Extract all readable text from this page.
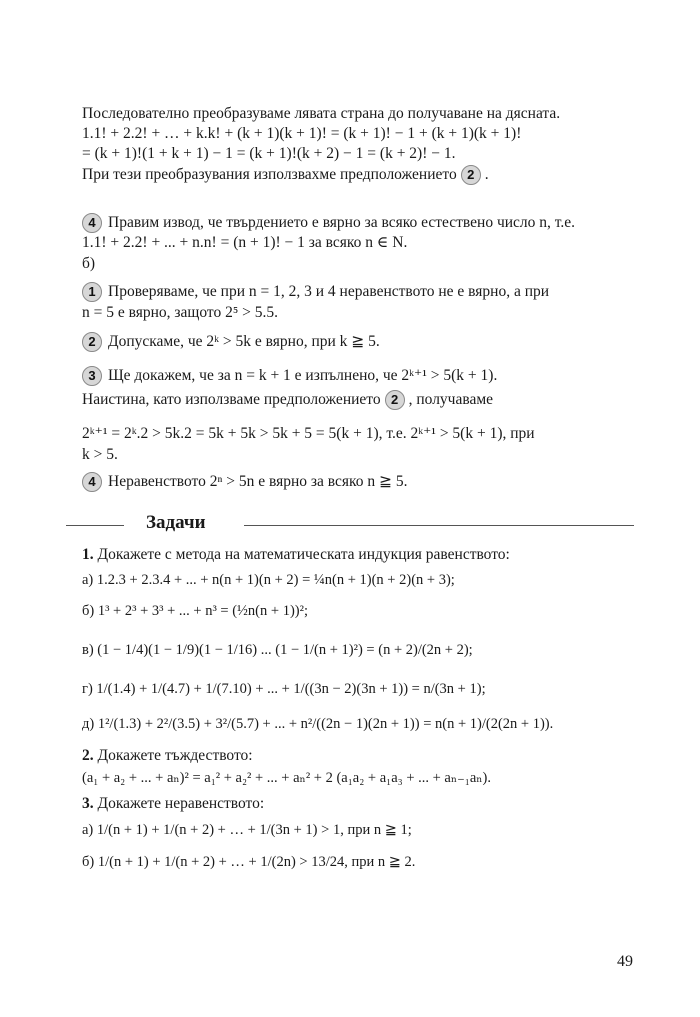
Последователно преобразуваме лявата страна до получаване на дясната.
1.1! + 2.2! + … + k.k! + (k + 1)(k + 1)! = (k + 1)! − 1 + (k + 1)(k + 1)!
= (k + 1)!(1 + k + 1) − 1 = (k + 1)!(k + 2) − 1 = (k + 2)! − 1.
При тези преобразувания използвахме предположението 2 .
4 Правим извод, че твърдението е вярно за всяко естествено число n, т.е.
1.1! + 2.2! + ... + n.n! = (n + 1)! − 1 за всяко n ∈ N.
б)
1 Проверяваме, че при n = 1, 2, 3 и 4 неравенството не е вярно, а при
n = 5 е вярно, защото 2⁵ > 5.5.
2 Допускаме, че 2ᵏ > 5k е вярно, при k ≧ 5.
3 Ще докажем, че за n = k + 1 е изпълнено, че 2ᵏ⁺¹ > 5(k + 1).
Наистина, като използваме предположението 2 , получаваме
2ᵏ⁺¹ = 2ᵏ.2 > 5k.2 = 5k + 5k > 5k + 5 = 5(k + 1), т.е. 2ᵏ⁺¹ > 5(k + 1), при
k > 5.
4 Неравенството 2ⁿ > 5n е вярно за всяко n ≧ 5.
Задачи
1. Докажете с метода на математическата индукция равенството:
а) 1.2.3 + 2.3.4 + ... + n(n + 1)(n + 2) = ¼n(n + 1)(n + 2)(n + 3);
б) 1³ + 2³ + 3³ + ... + n³ = (½n(n + 1))²;
в) (1 − 1/4)(1 − 1/9)(1 − 1/16) ... (1 − 1/(n + 1)²) = (n + 2)/(2n + 2);
г) 1/(1.4) + 1/(4.7) + 1/(7.10) + ... + 1/((3n − 2)(3n + 1)) = n/(3n + 1);
д) 1²/(1.3) + 2²/(3.5) + 3²/(5.7) + ... + n²/((2n − 1)(2n + 1)) = n(n + 1)/(2(2n + 1)).
2. Докажете тъждеството:
(a₁ + a₂ + ... + aₙ)² = a₁² + a₂² + ... + aₙ² + 2 (a₁a₂ + a₁a₃ + ... + aₙ₋₁aₙ).
3. Докажете неравенството:
а) 1/(n + 1) + 1/(n + 2) + … + 1/(3n + 1) > 1, при n ≧ 1;
б) 1/(n + 1) + 1/(n + 2) + … + 1/(2n) > 13/24, при n ≧ 2.
49
